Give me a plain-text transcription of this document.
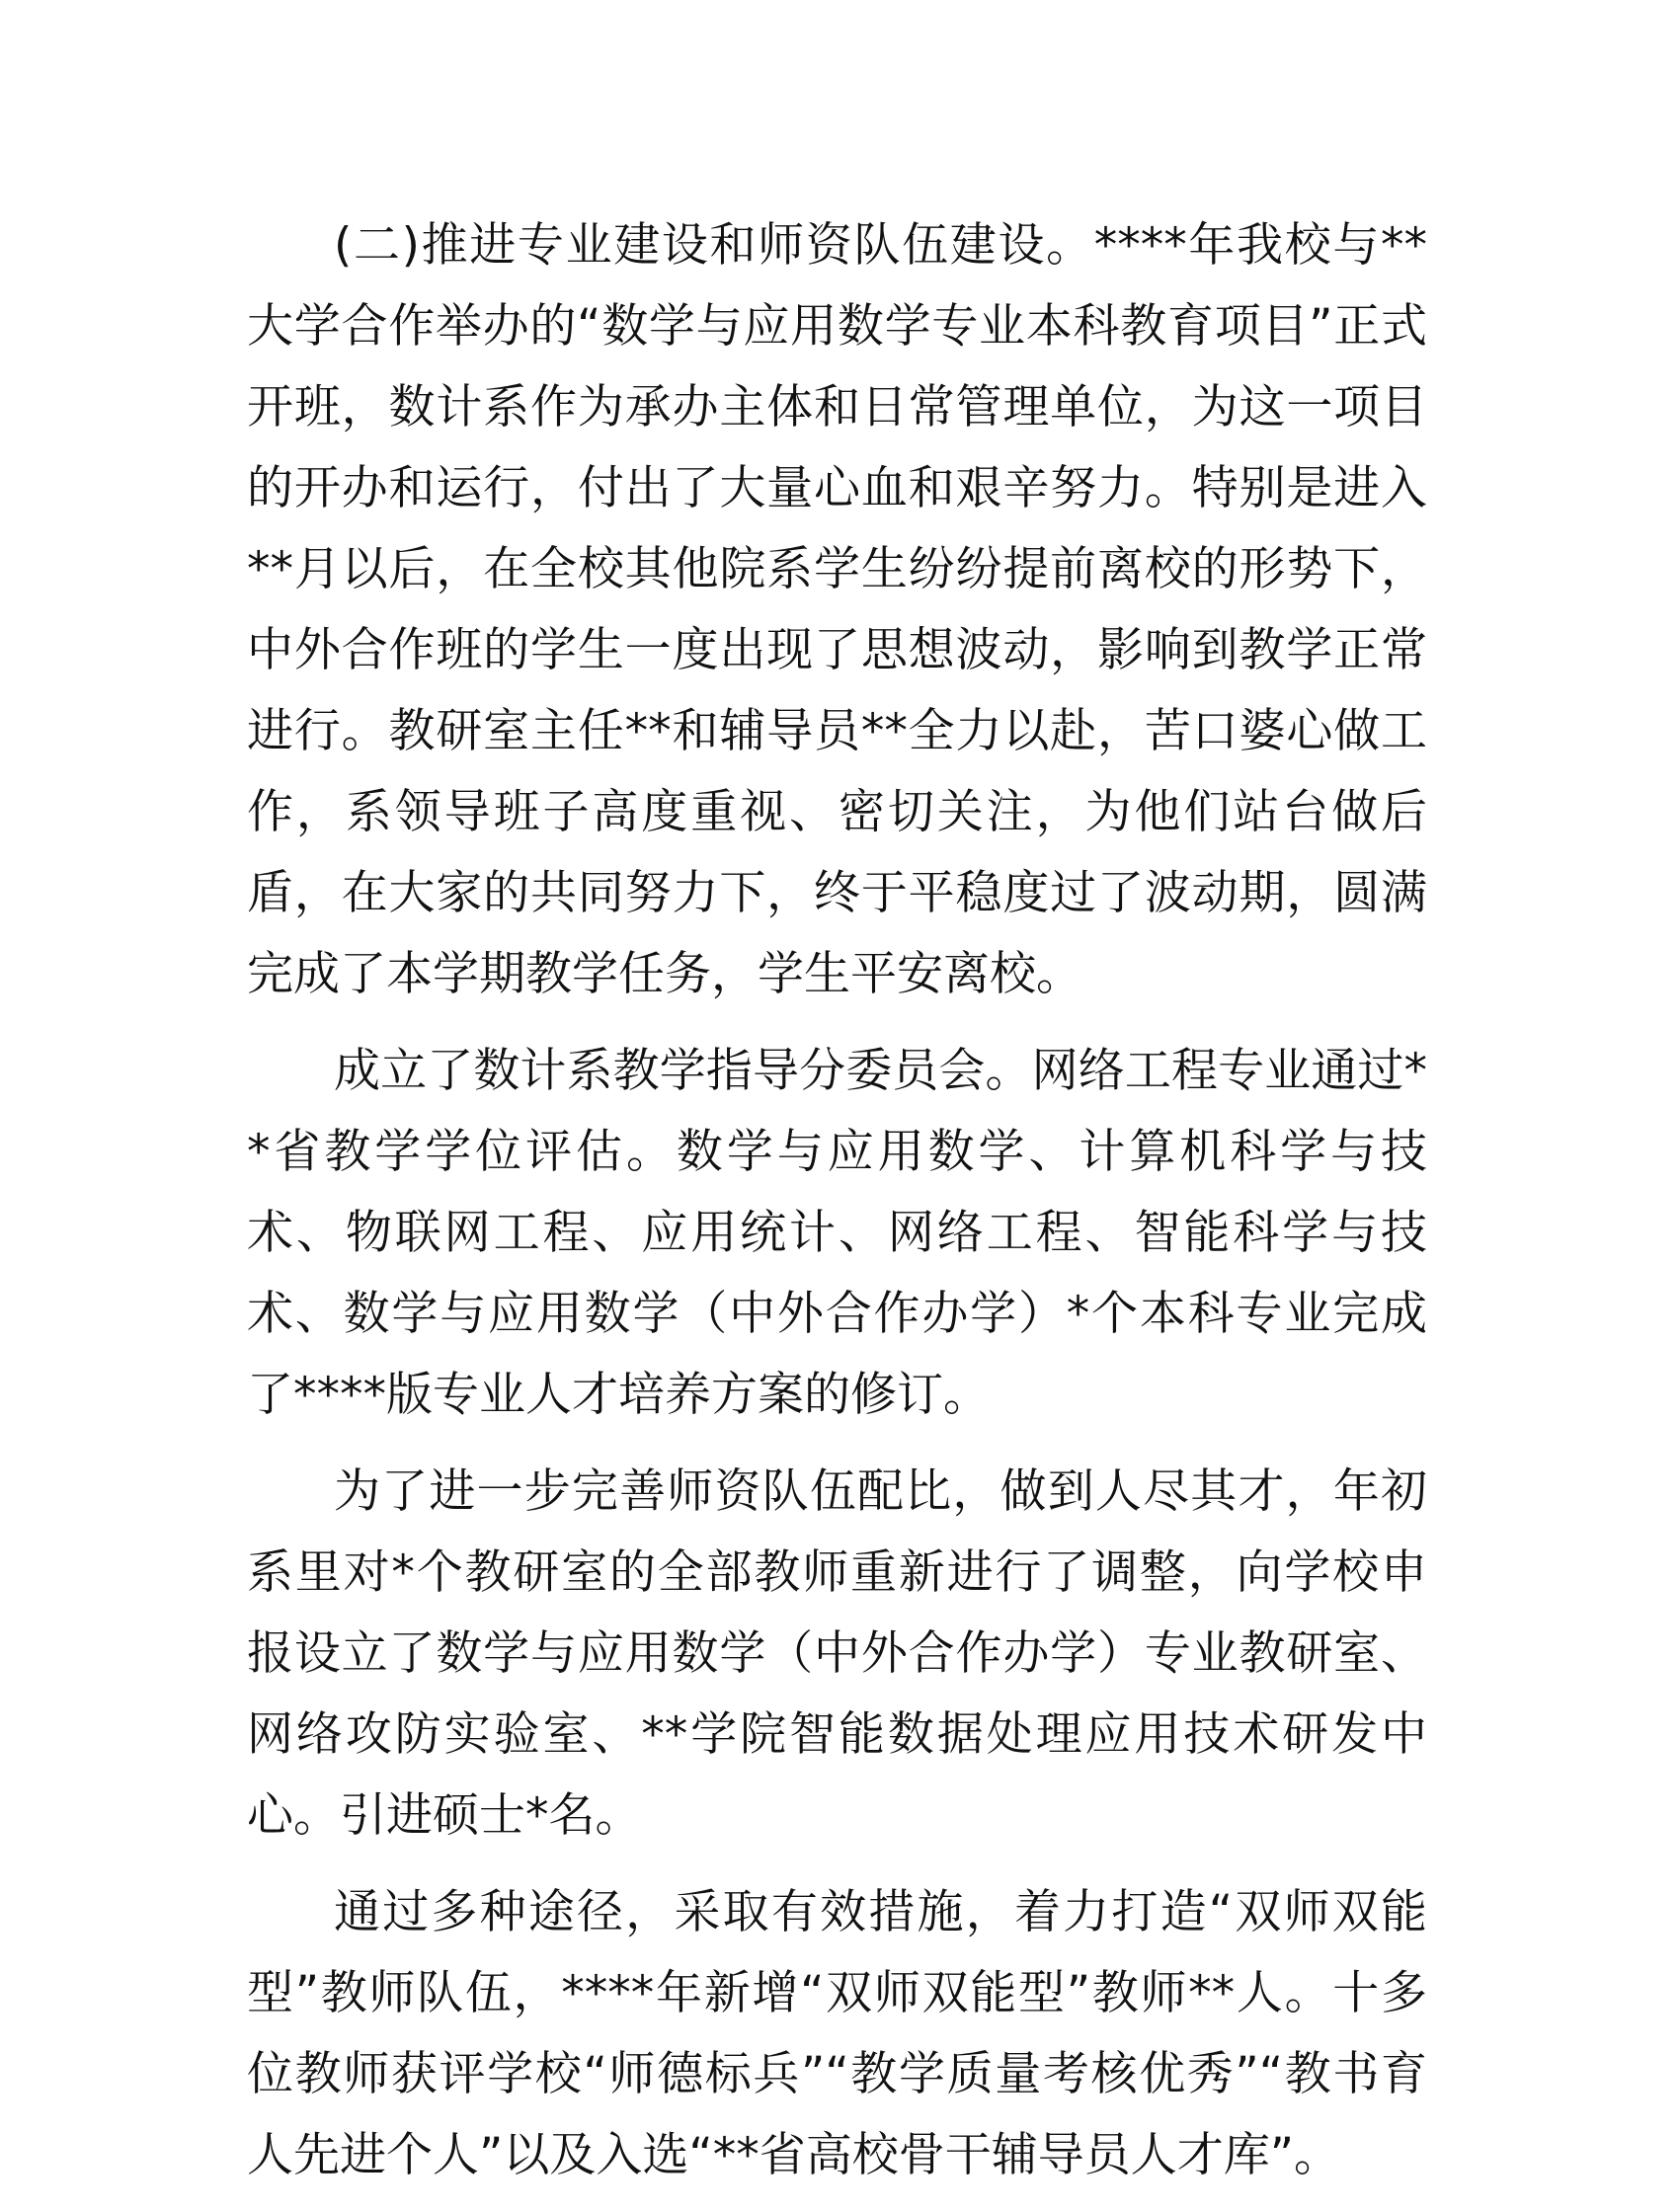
(二)推进专业建设和师资队伍建设。****年我校与**大学合作举办的“数学与应用数学专业本科教育项目”正式开班，数计系作为承办主体和日常管理单位，为这一项目的开办和运行，付出了大量心血和艰辛努力。特别是进入**月以后，在全校其他院系学生纷纷提前离校的形势下，中外合作班的学生一度出现了思想波动，影响到教学正常进行。教研室主任**和辅导员**全力以赴，苦口婆心做工作，系领导班子高度重视、密切关注，为他们站台做后盾，在大家的共同努力下，终于平稳度过了波动期，圆满完成了本学期教学任务，学生平安离校。

成立了数计系教学指导分委员会。网络工程专业通过**省教学学位评估。数学与应用数学、计算机科学与技术、物联网工程、应用统计、网络工程、智能科学与技术、数学与应用数学（中外合作办学）*个本科专业完成了****版专业人才培养方案的修订。

为了进一步完善师资队伍配比，做到人尽其才，年初系里对*个教研室的全部教师重新进行了调整，向学校申报设立了数学与应用数学（中外合作办学）专业教研室、网络攻防实验室、**学院智能数据处理应用技术研发中心。引进硕士*名。

通过多种途径，采取有效措施，着力打造“双师双能型”教师队伍，****年新增“双师双能型”教师**人。十多位教师获评学校“师德标兵”“教学质量考核优秀”“教书育人先进个人”以及入选“**省高校骨干辅导员人才库”。
